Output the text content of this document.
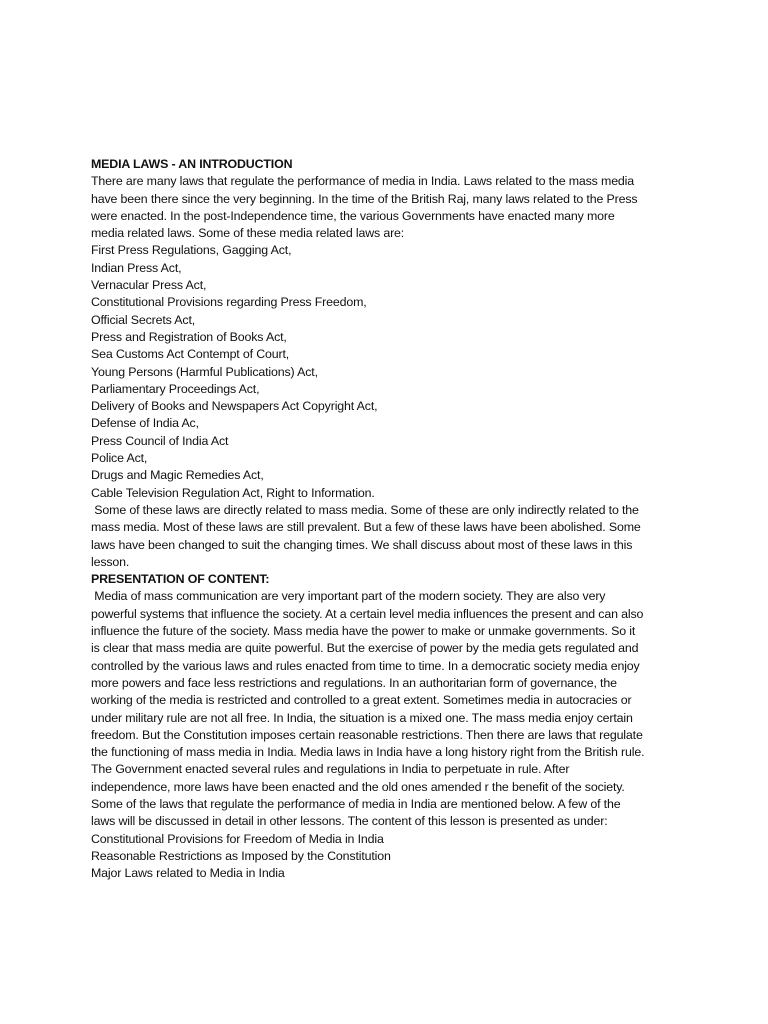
MEDIA LAWS - AN INTRODUCTION
There are many laws that regulate the performance of media in India. Laws related to the mass media
have been there since the very beginning. In the time of the British Raj, many laws related to the Press
were enacted. In the post-Independence time, the various Governments have enacted many more
media related laws. Some of these media related laws are:
First Press Regulations, Gagging Act,
Indian Press Act,
Vernacular Press Act,
Constitutional Provisions regarding Press Freedom,
Official Secrets Act,
Press and Registration of Books Act,
Sea Customs Act Contempt of Court,
Young Persons (Harmful Publications) Act,
Parliamentary Proceedings Act,
Delivery of Books and Newspapers Act Copyright Act,
Defense of India Ac,
Press Council of India Act
Police Act,
Drugs and Magic Remedies Act,
Cable Television Regulation Act, Right to Information.
Some of these laws are directly related to mass media. Some of these are only indirectly related to the
mass media. Most of these laws are still prevalent. But a few of these laws have been abolished. Some
laws have been changed to suit the changing times. We shall discuss about most of these laws in this
lesson.
PRESENTATION OF CONTENT:
Media of mass communication are very important part of the modern society. They are also very
powerful systems that influence the society. At a certain level media influences the present and can also
influence the future of the society. Mass media have the power to make or unmake governments. So it
is clear that mass media are quite powerful. But the exercise of power by the media gets regulated and
controlled by the various laws and rules enacted from time to time. In a democratic society media enjoy
more powers and face less restrictions and regulations. In an authoritarian form of governance, the
working of the media is restricted and controlled to a great extent. Sometimes media in autocracies or
under military rule are not all free. In India, the situation is a mixed one. The mass media enjoy certain
freedom. But the Constitution imposes certain reasonable restrictions. Then there are laws that regulate
the functioning of mass media in India. Media laws in India have a long history right from the British rule.
The Government enacted several rules and regulations in India to perpetuate in rule. After
independence, more laws have been enacted and the old ones amended r the benefit of the society.
Some of the laws that regulate the performance of media in India are mentioned below. A few of the
laws will be discussed in detail in other lessons. The content of this lesson is presented as under:
Constitutional Provisions for Freedom of Media in India
Reasonable Restrictions as Imposed by the Constitution
Major Laws related to Media in India
